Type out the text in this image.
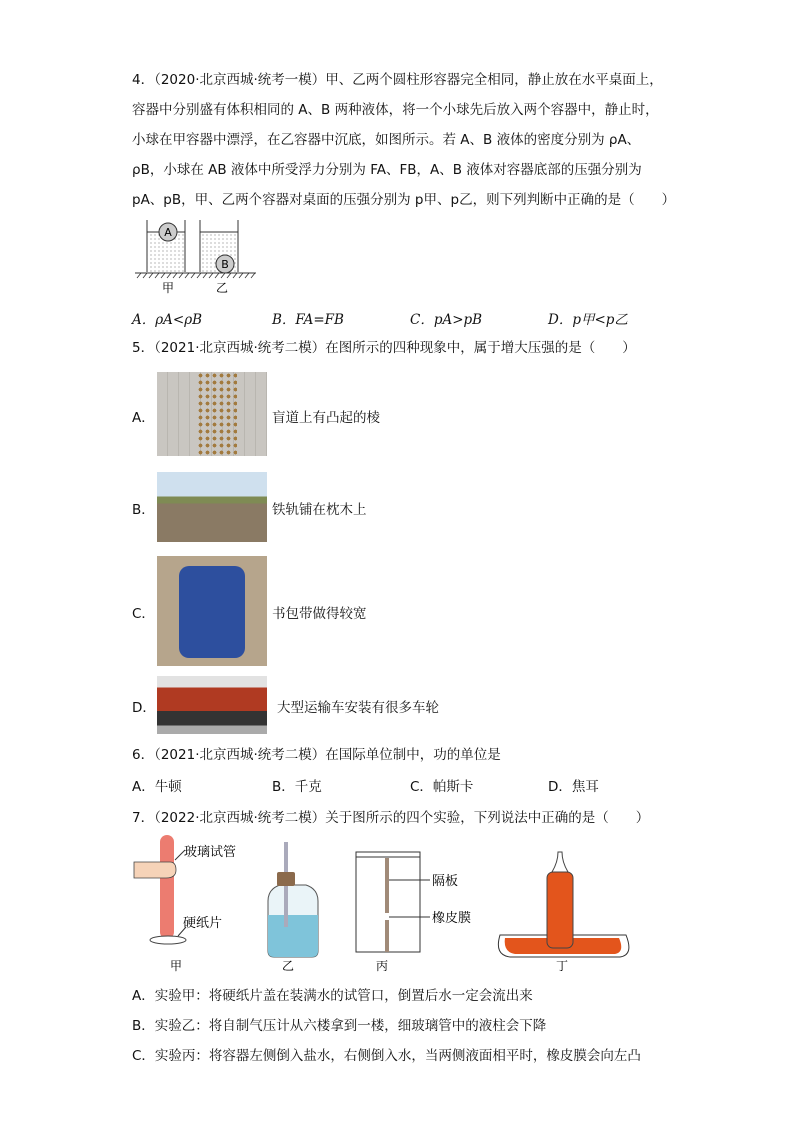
4．（2020·北京西城·统考一模）甲、乙两个圆柱形容器完全相同，静止放在水平桌面上，
容器中分别盛有体积相同的 A、B 两种液体，将一个小球先后放入两个容器中，静止时，
小球在甲容器中漂浮，在乙容器中沉底，如图所示。若 A、B 液体的密度分别为 ρA、
ρB，小球在 AB 液体中所受浮力分别为 FA、FB，A、B 液体对容器底部的压强分别为
pA、pB，甲、乙两个容器对桌面的压强分别为 p甲、p乙，则下列判断中正确的是（　　）
A
B
甲	乙
A．ρA<ρB	B．FA=FB	C．pA>pB	D．p甲<p乙
5．（2021·北京西城·统考二模）在图所示的四种现象中，属于增大压强的是（　　）
A．	盲道上有凸起的棱
B．	铁轨铺在枕木上
C．	书包带做得较宽
D．	大型运输车安装有很多车轮
6．（2021·北京西城·统考二模）在国际单位制中，功的单位是
A．牛顿	B．千克	C．帕斯卡	D．焦耳
7．（2022·北京西城·统考二模）关于图所示的四个实验，下列说法中正确的是（　　）
玻璃试管
硬纸片
隔板
橡皮膜
甲	乙	丙	丁
A．实验甲：将硬纸片盖在装满水的试管口，倒置后水一定会流出来
B．实验乙：将自制气压计从六楼拿到一楼，细玻璃管中的液柱会下降
C．实验丙：将容器左侧倒入盐水，右侧倒入水，当两侧液面相平时，橡皮膜会向左凸
